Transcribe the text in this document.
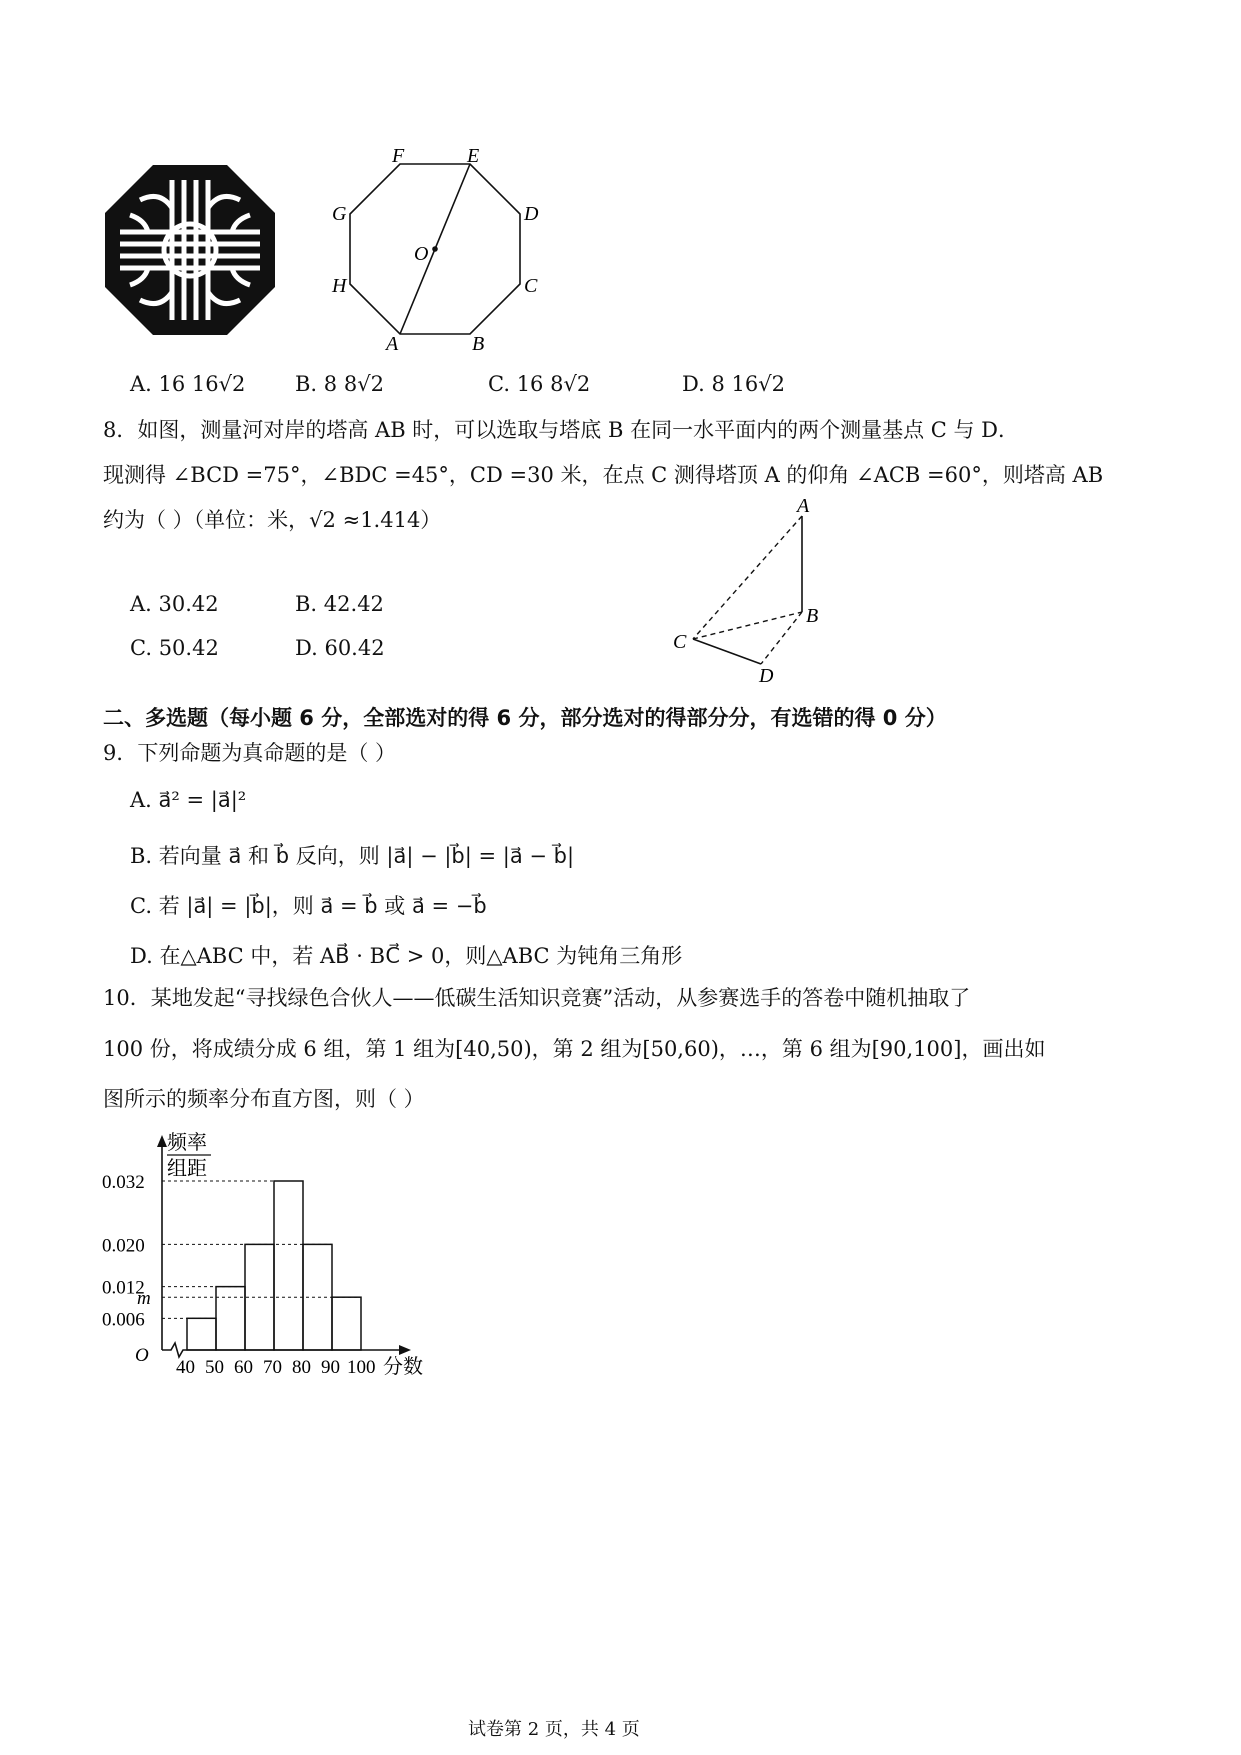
F	E
G	D
O
H	C
A	B
A. 16 16√2 B. 8 8√2	C. 16 8√2	D. 8 16√2
8．如图，测量河对岸的塔高 AB 时，可以选取与塔底 B 在同一水平面内的两个测量基点 C 与 D．
现测得 ∠BCD =75°，∠BDC =45°，CD =30 米，在点 C 测得塔顶 A 的仰角 ∠ACB =60°，则塔高 AB
约为（ ）（单位：米，√2 ≈1.414）
A
B
C
D
A. 30.42	B. 42.42
C. 50.42	D. 60.42
二、多选题（每小题 6 分，全部选对的得 6 分，部分选对的得部分分，有选错的得 0 分）
9．下列命题为真命题的是（ ）
A. a⃗² = |a⃗|²
B. 若向量 a⃗ 和 b⃗ 反向，则 |a⃗| − |b⃗| = |a⃗ − b⃗|
C. 若 |a⃗| = |b⃗|，则 a⃗ = b⃗ 或 a⃗ = −b⃗
D. 在△ABC 中，若 AB⃗ · BC⃗ > 0，则△ABC 为钝角三角形
10．某地发起“寻找绿色合伙人——低碳生活知识竞赛”活动，从参赛选手的答卷中随机抽取了
100 份，将成绩分成 6 组，第 1 组为[40,50)，第 2 组为[50,60)，…，第 6 组为[90,100]，画出如
图所示的频率分布直方图，则（ ）
频率
组距
O
分数
0.032
0.020
0.012
m
0.006
40 50 60 70 80 90 100
试卷第 2 页，共 4 页
